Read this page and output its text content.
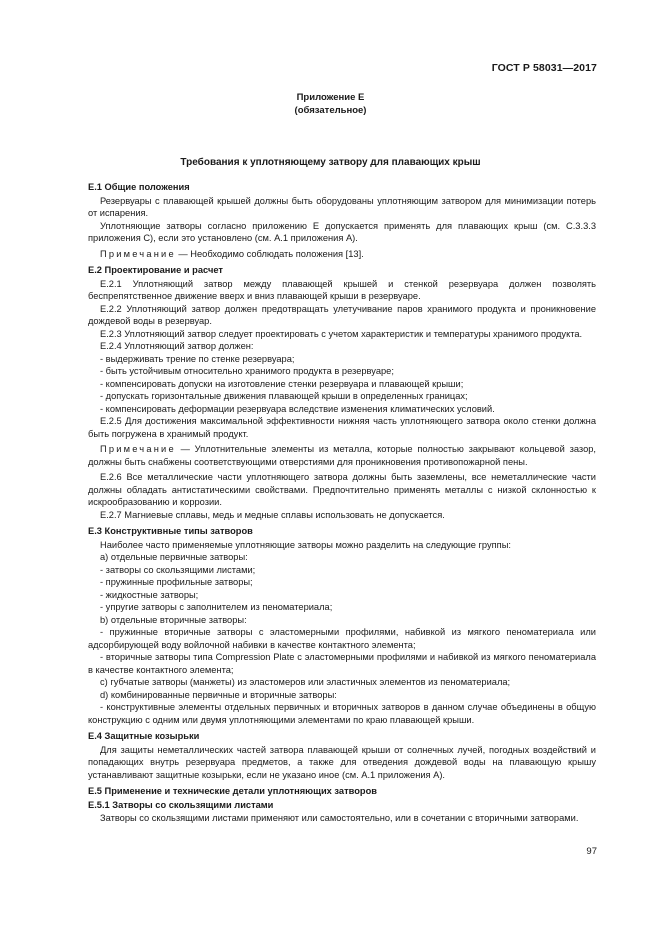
ГОСТ Р 58031—2017
Приложение Е
(обязательное)
Требования к уплотняющему затвору для плавающих крыш
Е.1 Общие положения
Резервуары с плавающей крышей должны быть оборудованы уплотняющим затвором для минимизации потерь от испарения.
Уплотняющие затворы согласно приложению Е допускается применять для плавающих крыш (см. С.3.3.3 приложения С), если это установлено (см. А.1 приложения А).
Примечание — Необходимо соблюдать положения [13].
Е.2 Проектирование и расчет
Е.2.1 Уплотняющий затвор между плавающей крышей и стенкой резервуара должен позволять беспрепятственное движение вверх и вниз плавающей крыши в резервуаре.
Е.2.2 Уплотняющий затвор должен предотвращать улетучивание паров хранимого продукта и проникновение дождевой воды в резервуар.
Е.2.3 Уплотняющий затвор следует проектировать с учетом характеристик и температуры хранимого продукта.
Е.2.4 Уплотняющий затвор должен:
- выдерживать трение по стенке резервуара;
- быть устойчивым относительно хранимого продукта в резервуаре;
- компенсировать допуски на изготовление стенки резервуара и плавающей крыши;
- допускать горизонтальные движения плавающей крыши в определенных границах;
- компенсировать деформации резервуара вследствие изменения климатических условий.
Е.2.5 Для достижения максимальной эффективности нижняя часть уплотняющего затвора около стенки должна быть погружена в хранимый продукт.
Примечание — Уплотнительные элементы из металла, которые полностью закрывают кольцевой зазор, должны быть снабжены соответствующими отверстиями для проникновения противопожарной пены.
Е.2.6 Все металлические части уплотняющего затвора должны быть заземлены, все неметаллические части должны обладать антистатическими свойствами. Предпочтительно применять металлы с низкой склонностью к искрообразованию и коррозии.
Е.2.7 Магниевые сплавы, медь и медные сплавы использовать не допускается.
Е.3 Конструктивные типы затворов
Наиболее часто применяемые уплотняющие затворы можно разделить на следующие группы:
а) отдельные первичные затворы:
- затворы со скользящими листами;
- пружинные профильные затворы;
- жидкостные затворы;
- упругие затворы с заполнителем из пеноматериала;
b) отдельные вторичные затворы:
- пружинные вторичные затворы с эластомерными профилями, набивкой из мягкого пеноматериала или адсорбирующей воду войлочной набивки в качестве контактного элемента;
- вторичные затворы типа Compression Plate с эластомерными профилями и набивкой из мягкого пеноматериала в качестве контактного элемента;
с) губчатые затворы (манжеты) из эластомеров или эластичных элементов из пеноматериала;
d) комбинированные первичные и вторичные затворы:
- конструктивные элементы отдельных первичных и вторичных затворов в данном случае объединены в общую конструкцию с одним или двумя уплотняющими элементами по краю плавающей крыши.
Е.4 Защитные козырьки
Для защиты неметаллических частей затвора плавающей крыши от солнечных лучей, погодных воздействий и попадающих внутрь резервуара предметов, а также для отведения дождевой воды на плавающую крышу устанавливают защитные козырьки, если не указано иное (см. А.1 приложения А).
Е.5 Применение и технические детали уплотняющих затворов
Е.5.1 Затворы со скользящими листами
Затворы со скользящими листами применяют или самостоятельно, или в сочетании с вторичными затворами.
97
